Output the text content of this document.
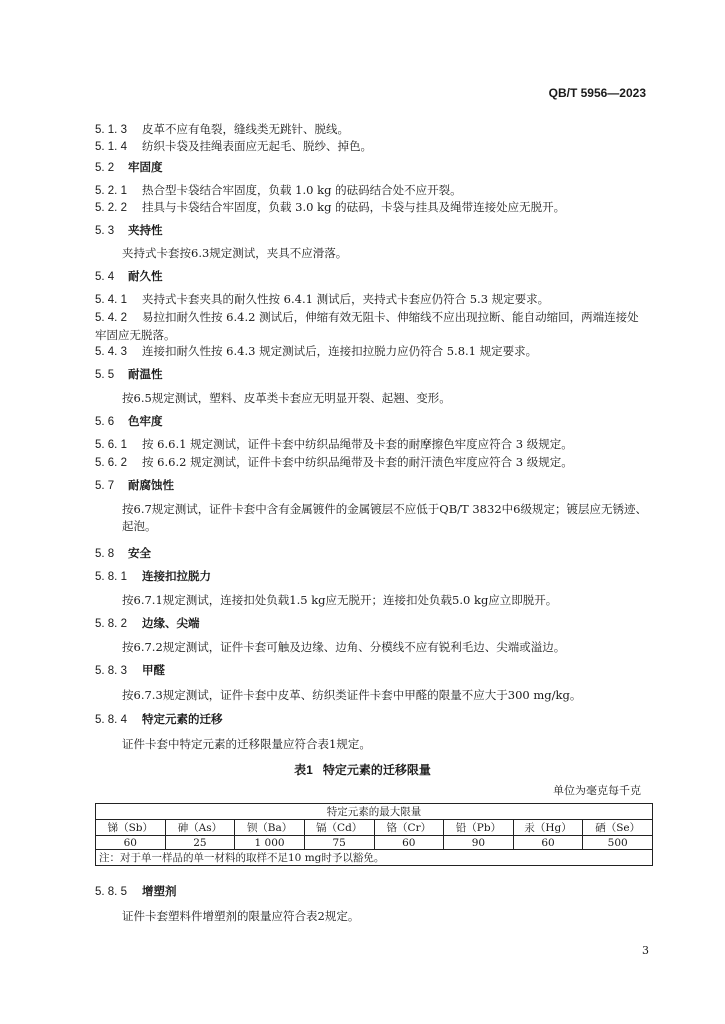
QB/T 5956—2023
5. 1. 3 皮革不应有龟裂，缝线类无跳针、脱线。
5. 1. 4 纺织卡袋及挂绳表面应无起毛、脱纱、掉色。
5. 2 牢固度
5. 2. 1 热合型卡袋结合牢固度，负载 1.0 kg 的砝码结合处不应开裂。
5. 2. 2 挂具与卡袋结合牢固度，负载 3.0 kg 的砝码，卡袋与挂具及绳带连接处应无脱开。
5. 3 夹持性
夹持式卡套按6.3规定测试，夹具不应滑落。
5. 4 耐久性
5. 4. 1 夹持式卡套夹具的耐久性按 6.4.1 测试后，夹持式卡套应仍符合 5.3 规定要求。
5. 4. 2 易拉扣耐久性按 6.4.2 测试后，伸缩有效无阻卡、伸缩线不应出现拉断、能自动缩回，两端连接处牢固应无脱落。
5. 4. 3 连接扣耐久性按 6.4.3 规定测试后，连接扣拉脱力应仍符合 5.8.1 规定要求。
5. 5 耐温性
按6.5规定测试，塑料、皮革类卡套应无明显开裂、起翘、变形。
5. 6 色牢度
5. 6. 1 按 6.6.1 规定测试，证件卡套中纺织品绳带及卡套的耐摩擦色牢度应符合 3 级规定。
5. 6. 2 按 6.6.2 规定测试，证件卡套中纺织品绳带及卡套的耐汗渍色牢度应符合 3 级规定。
5. 7 耐腐蚀性
按6.7规定测试，证件卡套中含有金属镀件的金属镀层不应低于QB/T 3832中6级规定；镀层应无锈迹、起泡。
5. 8 安全
5. 8. 1 连接扣拉脱力
按6.7.1规定测试，连接扣处负载1.5 kg应无脱开；连接扣处负载5.0 kg应立即脱开。
5. 8. 2 边缘、尖端
按6.7.2规定测试，证件卡套可触及边缘、边角、分模线不应有锐利毛边、尖端或溢边。
5. 8. 3 甲醛
按6.7.3规定测试，证件卡套中皮革、纺织类证件卡套中甲醛的限量不应大于300 mg/kg。
5. 8. 4 特定元素的迁移
证件卡套中特定元素的迁移限量应符合表1规定。
表1 特定元素的迁移限量
单位为毫克每千克
特定元素的最大限量							
锑（Sb）	砷（As）	钡（Ba）	镉（Cd）	铬（Cr）	铅（Pb）	汞（Hg）	硒（Se）
60	25	1 000	75	60	90	60	500
注：对于单一样品的单一材料的取样不足10 mg时予以豁免。							
5. 8. 5 增塑剂
证件卡套塑料件增塑剂的限量应符合表2规定。
3
